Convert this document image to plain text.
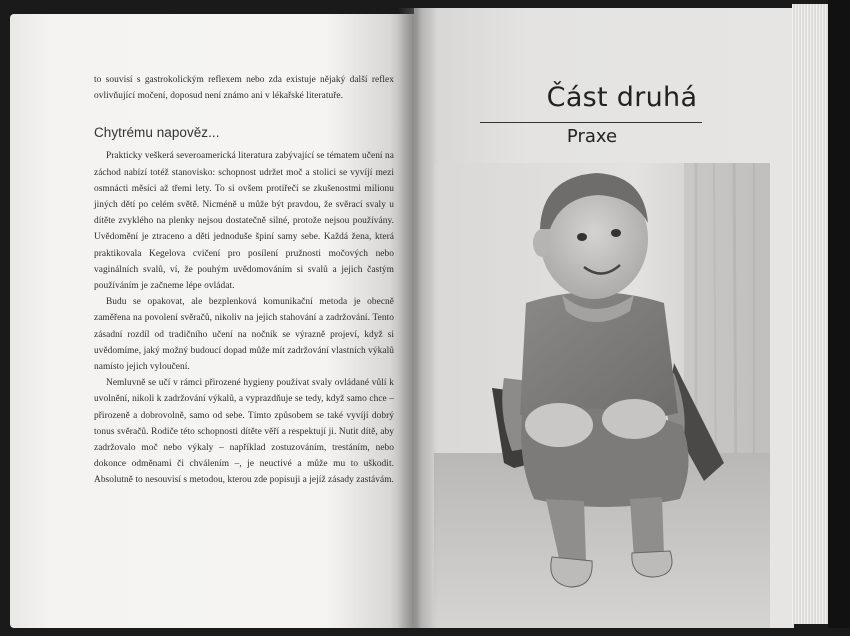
to souvisí s gastrokolickým reflexem nebo zda existuje nějaký další reflex ovlivňující močení, doposud není známo ani v lékařské literatuře.

Chytrému napověz...

Prakticky veškerá severoamerická literatura zabývající se tématem učení na záchod nabízí totéž stanovisko: schopnost udržet moč a stolici se vyvíjí mezi osmnácti měsíci až třemi lety. To si ovšem protiřečí se zkušenostmi milionu jiných dětí po celém světě. Nicméně u může být pravdou, že svěrací svaly u dítěte zvyklého na plenky nejsou dostatečně silné, protože nejsou používány. Uvědomění je ztraceno a děti jednoduše špiní samy sebe. Každá žena, která praktikovala Kegelova cvičení pro posílení pružnosti močových nebo vaginálních svalů, ví, že pouhým uvědomováním si svalů a jejich častým používáním je začneme lépe ovládat.

Budu se opakovat, ale bezplenková komunikační metoda je obecně zaměřena na povolení svěračů, nikoliv na jejich stahování a zadržování. Tento zásadní rozdíl od tradičního učení na nočník se výrazně projeví, když si uvědomíme, jaký možný budoucí dopad může mít zadržování vlastních výkalů namísto jejich vyloučení.

Nemluvně se učí v rámci přirozené hygieny používat svaly ovládané vůlí k uvolnění, nikoli k zadržování výkalů, a vyprazdňuje se tedy, když samo chce – přirozeně a dobrovolně, samo od sebe. Tímto způsobem se také vyvíjí dobrý tonus svěračů. Rodiče této schopnosti dítěte věří a respektují ji. Nutit dítě, aby zadržovalo moč nebo výkaly – například zostuzováním, trestáním, nebo dokonce odměnami či chválením –, je neuctivé a může mu to uškodit. Absolutně to nesouvisí s metodou, kterou zde popisuji a jejíž zásady zastávám.

Část druhá
Praxe
